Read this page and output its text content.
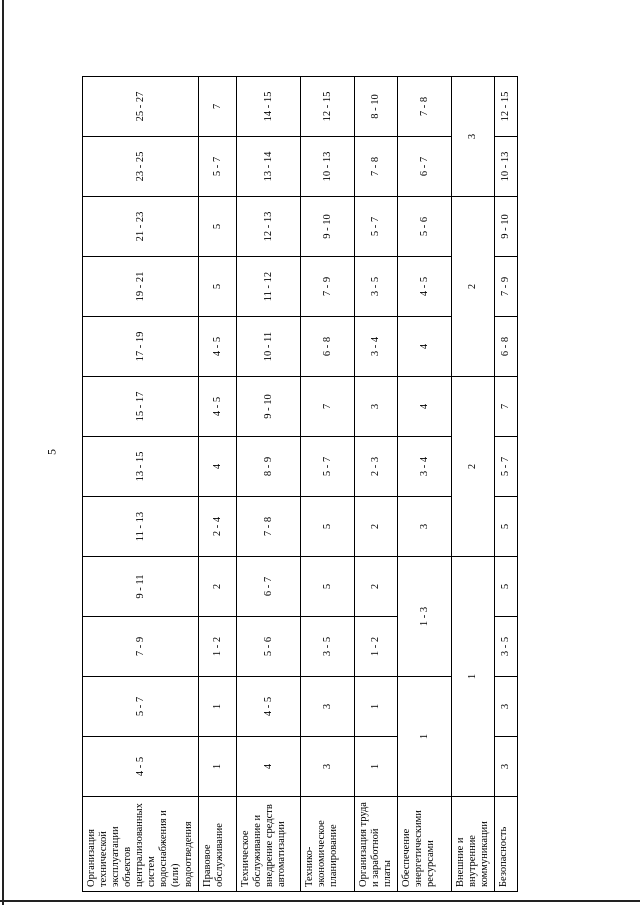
5
Организация технической эксплуатации объектов централизованных систем водоснабжения и (или) водоотведения	4 - 5	5 - 7	7 - 9	9 - 11	11 - 13	13 - 15	15 - 17	17 - 19	19 - 21	21 - 23	23 - 25	25 - 27
Правовое обслуживание	1	1	1 - 2	2	2 - 4	4	4 - 5	4 - 5	5	5	5 - 7	7
Техническое обслуживание и внедрение средств автоматизации	4	4 - 5	5 - 6	6 - 7	7 - 8	8 - 9	9 - 10	10 - 11	11 - 12	12 - 13	13 - 14	14 - 15
Технико-экономическое планирование	3	3	3 - 5	5	5	5 - 7	7	6 - 8	7 - 9	9 - 10	10 - 13	12 - 15
Организация труда и заработной платы	1	1	1 - 2	2	2	2 - 3	3	3 - 4	3 - 5	5 - 7	7 - 8	8 - 10
Обеспечение энергетическими ресурсами	1		1 - 3		3	3 - 4	4	4	4 - 5	5 - 6	6 - 7	7 - 8
Внешние и внутренние коммуникации	1				2			2			3	
Безопасность	3	3	3 - 5	5	5	5 - 7	7	6 - 8	7 - 9	9 - 10	10 - 13	12 - 15
